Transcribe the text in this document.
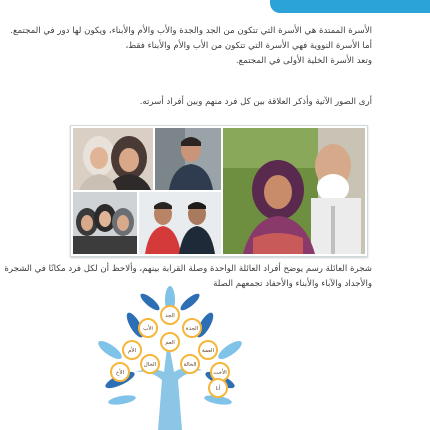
الأسرة الممتدة هي الأسرة التي تتكون من الجد والجدة والأب والأم والأبناء، ويكون لها دور في المجتمع.
أما الأسرة النووية فهي الأسرة التي تتكون من الأب والأم والأبناء فقط،
وتعد الأسرة الخلية الأولى في المجتمع.
أرى الصور الآتية وأذكر العلاقة بين كل فرد منهم وبين أفراد أسرته.
شجرة العائلة رسم يوضح أفراد العائلة الواحدة وصلة القرابة بينهم، وألاحظ أن لكل فرد مكانًا في الشجرة
والأجداد والآباء والأبناء والأحفاد تجمعهم الصلة
الجد
الجدة
الأب
الأم
العم
العمة
الخال	الخالة
الأخ	الأخت
أنا
